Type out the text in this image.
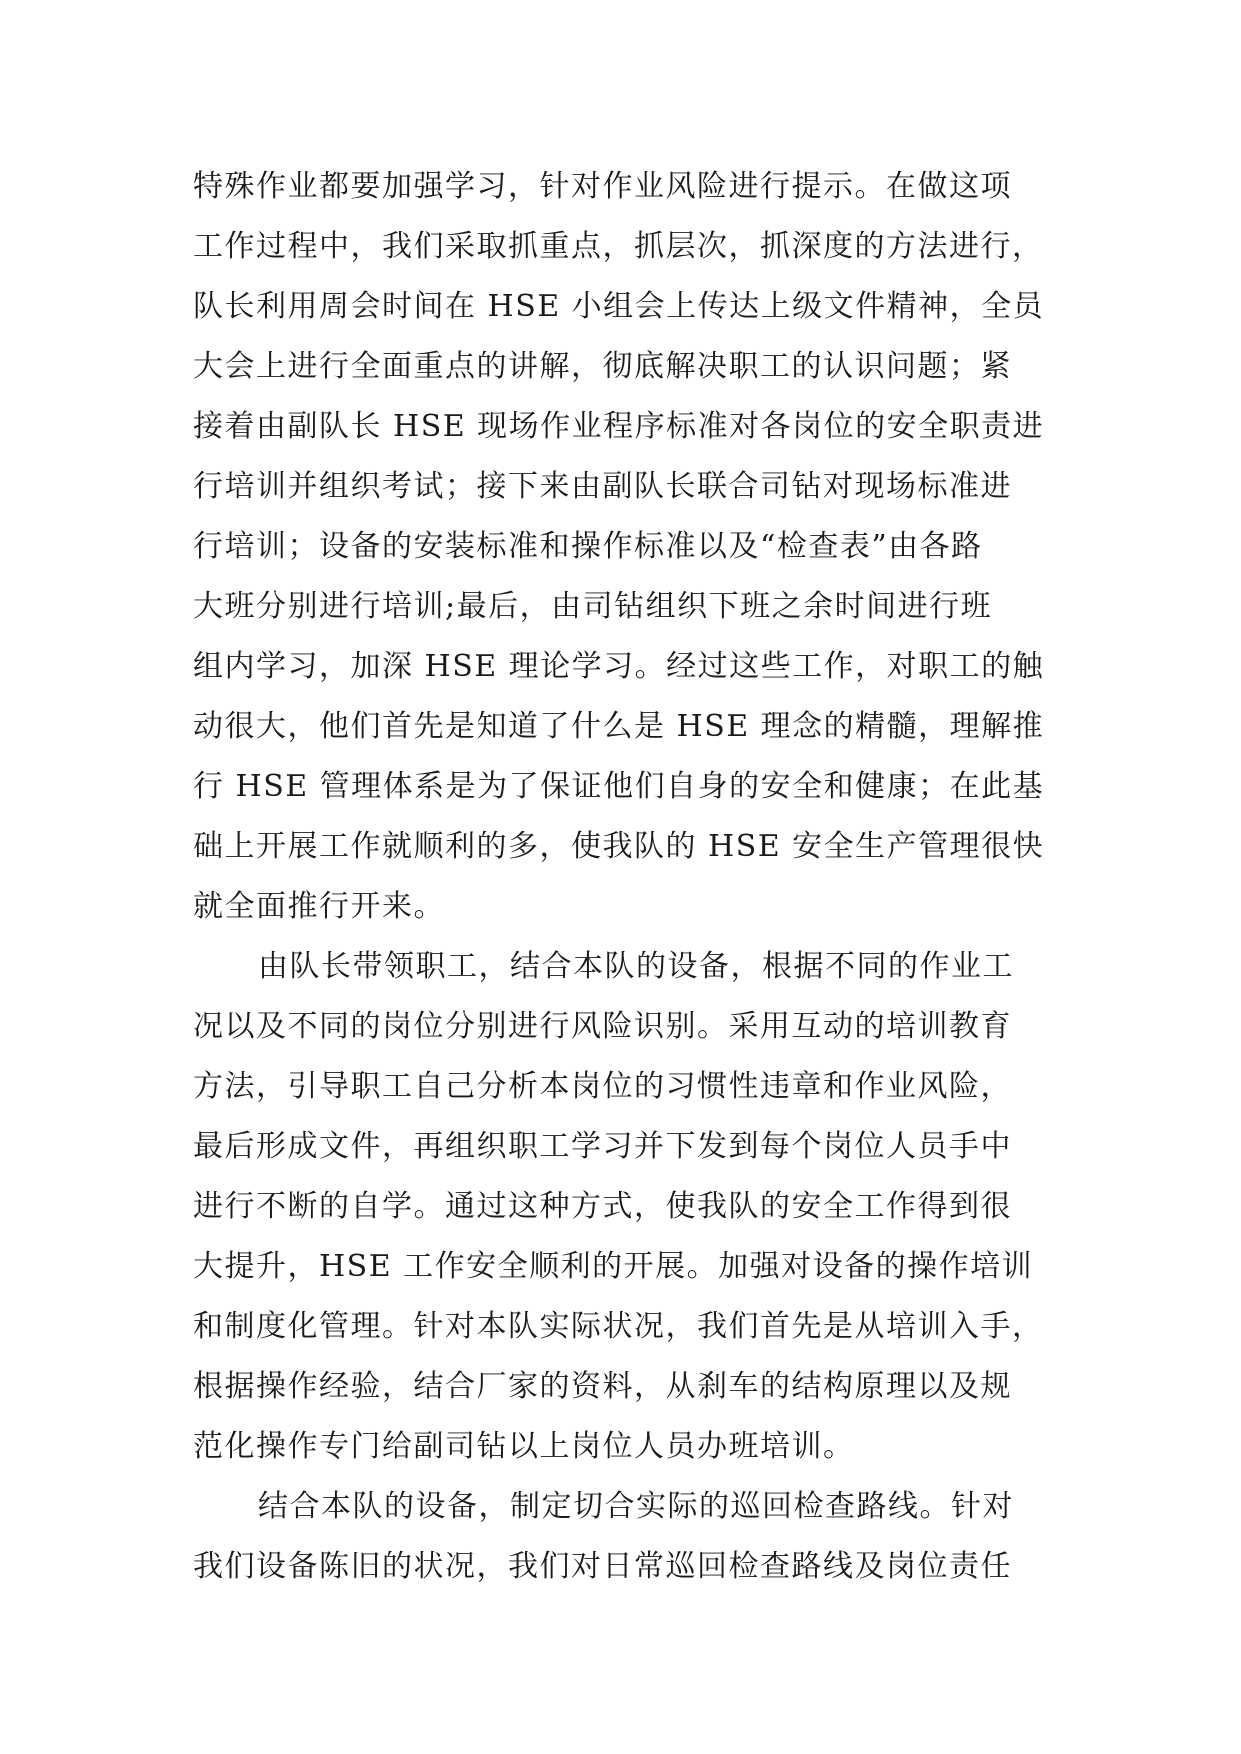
特殊作业都要加强学习，针对作业风险进行提示。在做这项
工作过程中，我们采取抓重点，抓层次，抓深度的方法进行，
队长利用周会时间在 HSE 小组会上传达上级文件精神，全员
大会上进行全面重点的讲解，彻底解决职工的认识问题；紧
接着由副队长 HSE 现场作业程序标准对各岗位的安全职责进
行培训并组织考试；接下来由副队长联合司钻对现场标准进
行培训；设备的安装标准和操作标准以及“检查表”由各路
大班分别进行培训;最后，由司钻组织下班之余时间进行班
组内学习，加深 HSE 理论学习。经过这些工作，对职工的触
动很大，他们首先是知道了什么是 HSE 理念的精髓，理解推
行 HSE 管理体系是为了保证他们自身的安全和健康；在此基
础上开展工作就顺利的多，使我队的 HSE 安全生产管理很快
就全面推行开来。
由队长带领职工，结合本队的设备，根据不同的作业工
况以及不同的岗位分别进行风险识别。采用互动的培训教育
方法，引导职工自己分析本岗位的习惯性违章和作业风险，
最后形成文件，再组织职工学习并下发到每个岗位人员手中
进行不断的自学。通过这种方式，使我队的安全工作得到很
大提升，HSE 工作安全顺利的开展。加强对设备的操作培训
和制度化管理。针对本队实际状况，我们首先是从培训入手，
根据操作经验，结合厂家的资料，从刹车的结构原理以及规
范化操作专门给副司钻以上岗位人员办班培训。
结合本队的设备，制定切合实际的巡回检查路线。针对
我们设备陈旧的状况，我们对日常巡回检查路线及岗位责任
